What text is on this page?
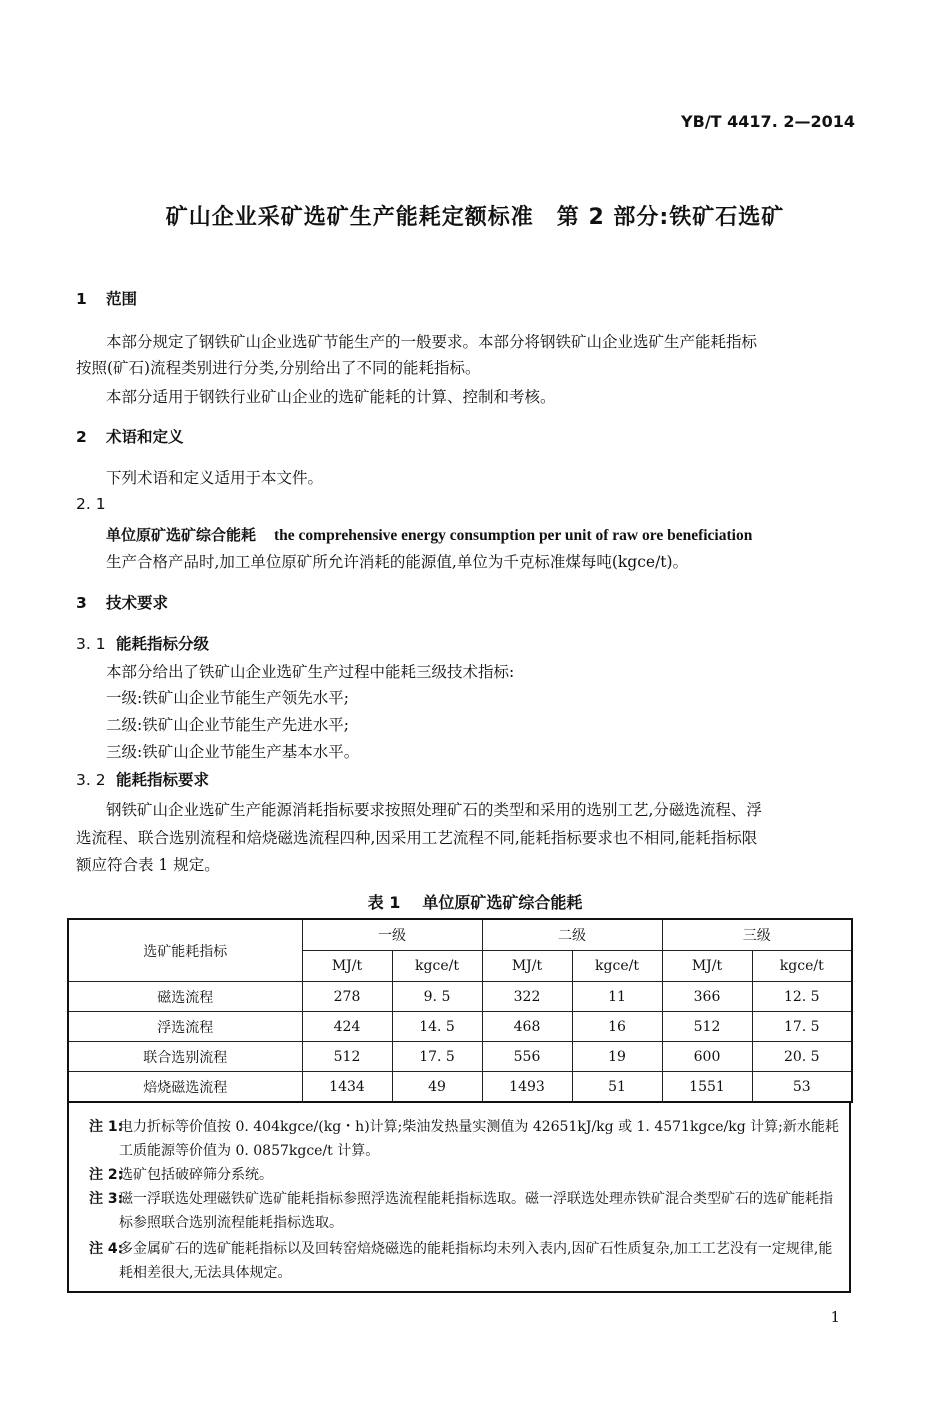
YB/T 4417. 2—2014
矿山企业采矿选矿生产能耗定额标准　第 2 部分:铁矿石选矿
1 范围
本部分规定了钢铁矿山企业选矿节能生产的一般要求。本部分将钢铁矿山企业选矿生产能耗指标
按照(矿石)流程类别进行分类,分别给出了不同的能耗指标。
本部分适用于钢铁行业矿山企业的选矿能耗的计算、控制和考核。
2 术语和定义
下列术语和定义适用于本文件。
2. 1
单位原矿选矿综合能耗 the comprehensive energy consumption per unit of raw ore beneficiation
生产合格产品时,加工单位原矿所允许消耗的能源值,单位为千克标准煤每吨(kgce/t)。
3 技术要求
3. 1 能耗指标分级
本部分给出了铁矿山企业选矿生产过程中能耗三级技术指标:
一级:铁矿山企业节能生产领先水平;
二级:铁矿山企业节能生产先进水平;
三级:铁矿山企业节能生产基本水平。
3. 2 能耗指标要求
钢铁矿山企业选矿生产能源消耗指标要求按照处理矿石的类型和采用的选别工艺,分磁选流程、浮
选流程、联合选别流程和焙烧磁选流程四种,因采用工艺流程不同,能耗指标要求也不相同,能耗指标限
额应符合表 1 规定。
表 1 单位原矿选矿综合能耗
选矿能耗指标	一级		二级		三级	
	MJ/t	kgce/t	MJ/t	kgce/t	MJ/t	kgce/t
磁选流程	278	9. 5	322	11	366	12. 5
浮选流程	424	14. 5	468	16	512	17. 5
联合选别流程	512	17. 5	556	19	600	20. 5
焙烧磁选流程	1434	49	1493	51	1551	53
注 1:
电力折标等价值按 0. 404kgce/(kg・h)计算;柴油发热量实测值为 42651kJ/kg 或 1. 4571kgce/kg 计算;新水能耗工质能源等价值为 0. 0857kgce/t 计算。
注 2:
选矿包括破碎筛分系统。
注 3:
磁一浮联选处理磁铁矿选矿能耗指标参照浮选流程能耗指标选取。磁一浮联选处理赤铁矿混合类型矿石的选矿能耗指标参照联合选别流程能耗指标选取。
注 4:
多金属矿石的选矿能耗指标以及回转窑焙烧磁选的能耗指标均未列入表内,因矿石性质复杂,加工工艺没有一定规律,能耗相差很大,无法具体规定。
1
